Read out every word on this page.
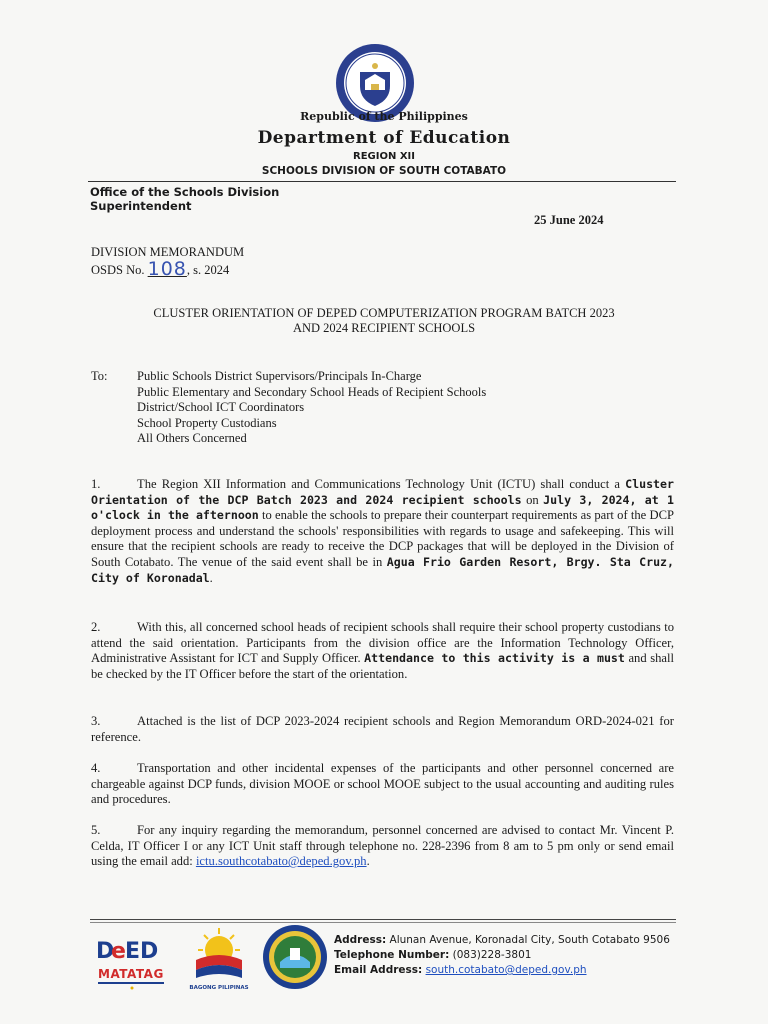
Republic of the Philippines
Department of Education
REGION XII
SCHOOLS DIVISION OF SOUTH COTABATO
Office of the Schools Division
Superintendent
25 June 2024
DIVISION MEMORANDUM
OSDS No. 108, s. 2024
CLUSTER ORIENTATION OF DEPED COMPUTERIZATION PROGRAM BATCH 2023
AND 2024 RECIPIENT SCHOOLS
To: Public Schools District Supervisors/Principals In-Charge
Public Elementary and Secondary School Heads of Recipient Schools
District/School ICT Coordinators
School Property Custodians
All Others Concerned
1.	The Region XII Information and Communications Technology Unit (ICTU) shall conduct a Cluster Orientation of the DCP Batch 2023 and 2024 recipient schools on July 3, 2024, at 1 o'clock in the afternoon to enable the schools to prepare their counterpart requirements as part of the DCP deployment process and understand the schools' responsibilities with regards to usage and safekeeping. This will ensure that the recipient schools are ready to receive the DCP packages that will be deployed in the Division of South Cotabato. The venue of the said event shall be in Agua Frio Garden Resort, Brgy. Sta Cruz, City of Koronadal.
2.	With this, all concerned school heads of recipient schools shall require their school property custodians to attend the said orientation. Participants from the division office are the Information Technology Officer, Administrative Assistant for ICT and Supply Officer. Attendance to this activity is a must and shall be checked by the IT Officer before the start of the orientation.
3.	Attached is the list of DCP 2023-2024 recipient schools and Region Memorandum ORD-2024-021 for reference.
4.	Transportation and other incidental expenses of the participants and other personnel concerned are chargeable against DCP funds, division MOOE or school MOOE subject to the usual accounting and auditing rules and procedures.
5.	For any inquiry regarding the memorandum, personnel concerned are advised to contact Mr. Vincent P. Celda, IT Officer I or any ICT Unit staff through telephone no. 228-2396 from 8 am to 5 pm only or send email using the email add: ictu.southcotabato@deped.gov.ph.
D
e ED
MATATAG
BAGONG PILIPINAS
Address: Alunan Avenue, Koronadal City, South Cotabato 9506
Telephone Number: (083)228-3801
Email Address: south.cotabato@deped.gov.ph
